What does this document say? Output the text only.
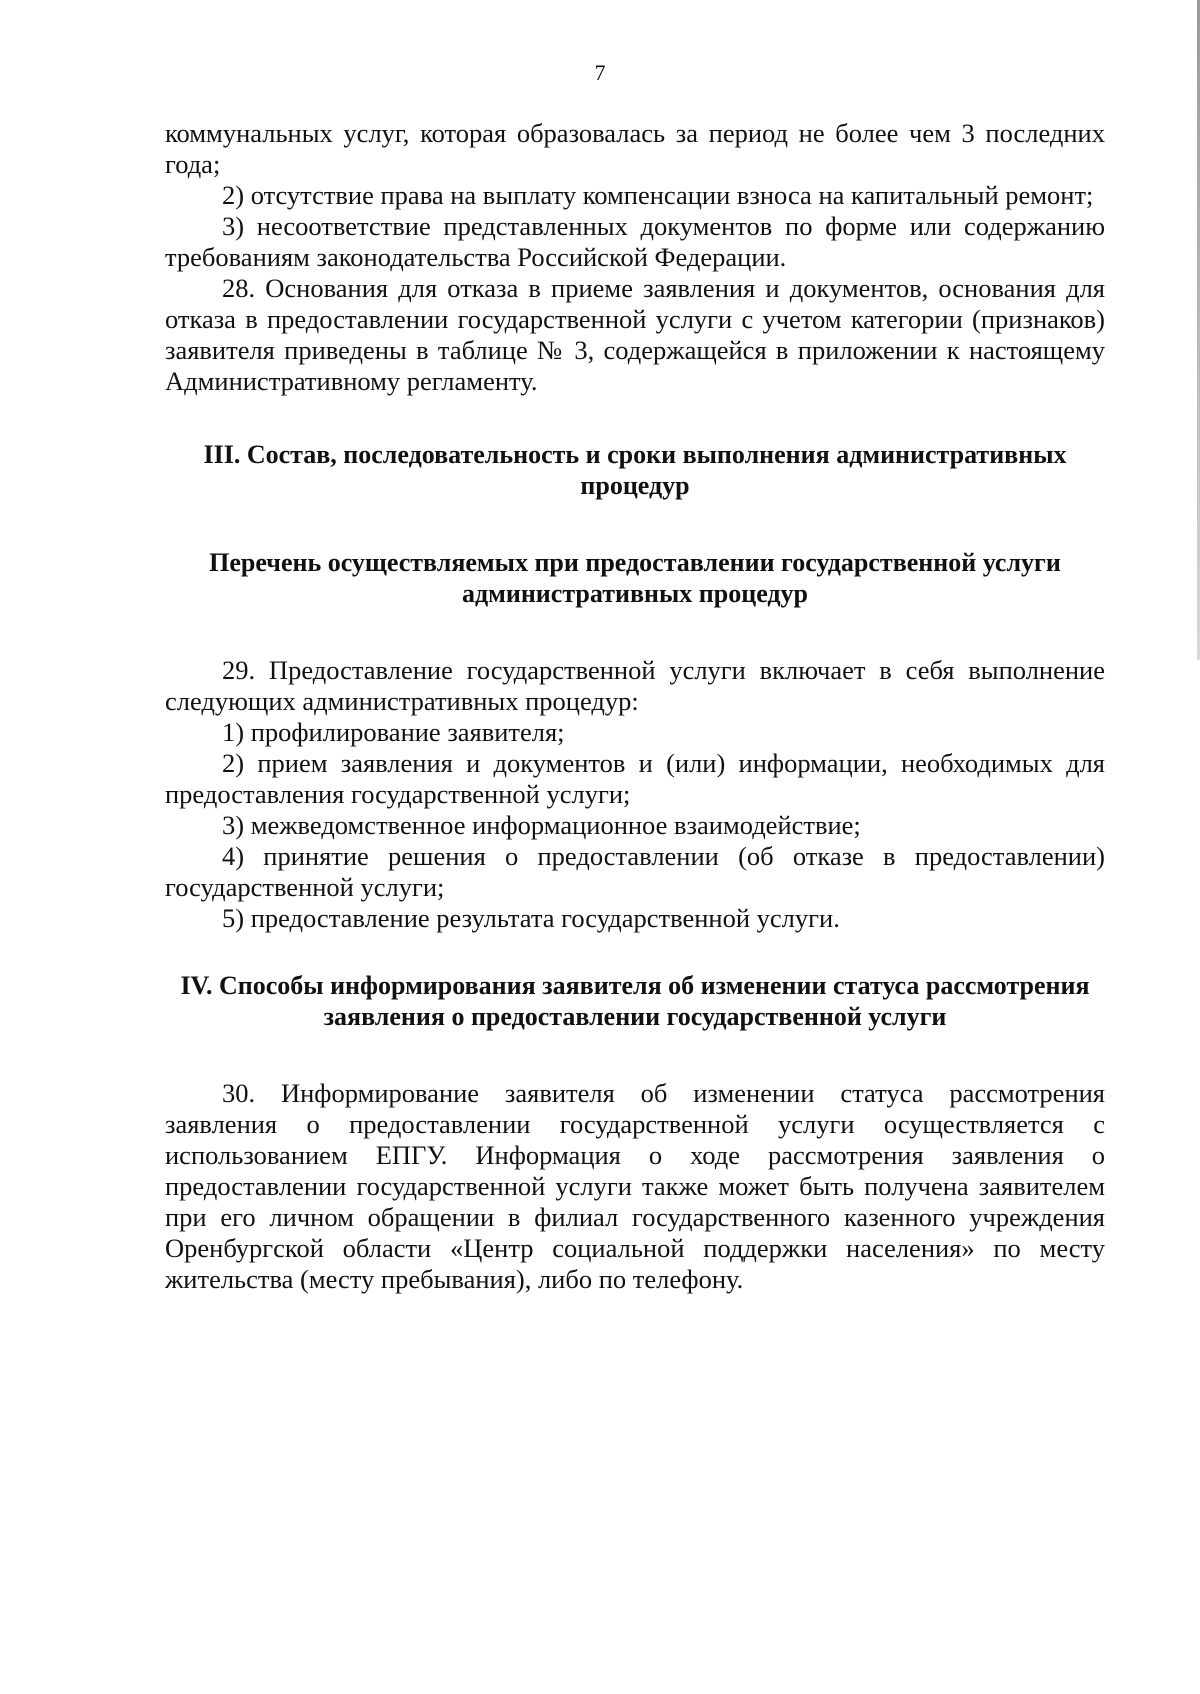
7

коммунальных услуг, которая образовалась за период не более чем 3 последних года;

2) отсутствие права на выплату компенсации взноса на капитальный ремонт;

3) несоответствие представленных документов по форме или содержанию требованиям законодательства Российской Федерации.

28. Основания для отказа в приеме заявления и документов, основания для отказа в предоставлении государственной услуги с учетом категории (признаков) заявителя приведены в таблице № 3, содержащейся в приложении к настоящему Административному регламенту.

III. Состав, последовательность и сроки выполнения административных процедур
Перечень осуществляемых при предоставлении государственной услуги административных процедур

29. Предоставление государственной услуги включает в себя выполнение следующих административных процедур:

1) профилирование заявителя;

2) прием заявления и документов и (или) информации, необходимых для предоставления государственной услуги;

3) межведомственное информационное взаимодействие;

4) принятие решения о предоставлении (об отказе в предоставлении) государственной услуги;

5) предоставление результата государственной услуги.

IV. Способы информирования заявителя об изменении статуса рассмотрения заявления о предоставлении государственной услуги

30. Информирование заявителя об изменении статуса рассмотрения заявления о предоставлении государственной услуги осуществляется с использованием ЕПГУ. Информация о ходе рассмотрения заявления о предоставлении государственной услуги также может быть получена заявителем при его личном обращении в филиал государственного казенного учреждения Оренбургской области «Центр социальной поддержки населения» по месту жительства (месту пребывания), либо по телефону.
